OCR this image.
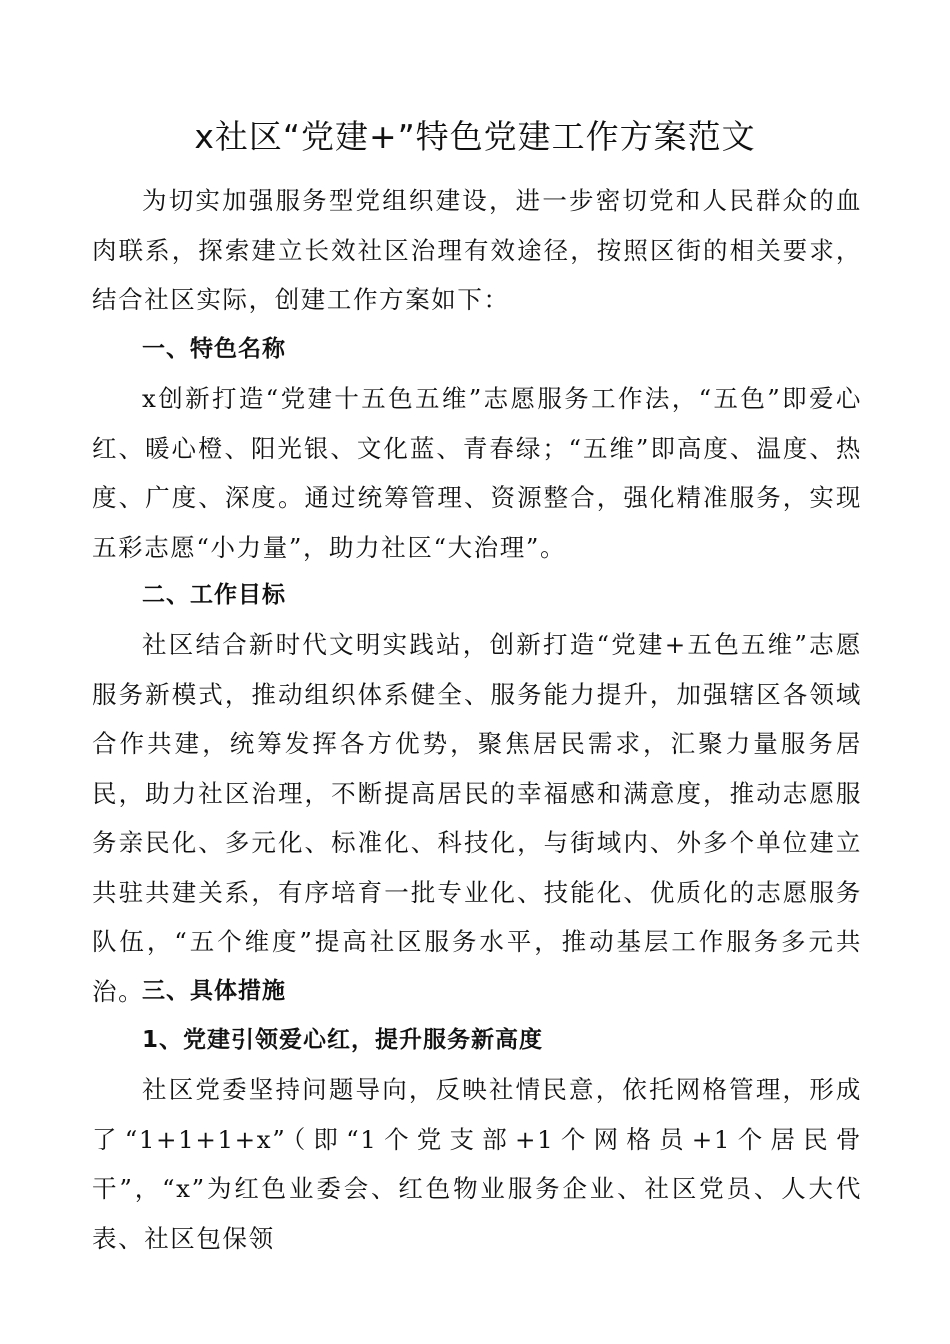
x社区“党建+”特色党建工作方案范文

为切实加强服务型党组织建设，进一步密切党和人民群众的血肉联系，探索建立长效社区治理有效途径，按照区街的相关要求，结合社区实际，创建工作方案如下：

一、特色名称

x创新打造“党建十五色五维”志愿服务工作法，“五色”即爱心红、暖心橙、阳光银、文化蓝、青春绿；“五维”即高度、温度、热度、广度、深度。通过统筹管理、资源整合，强化精准服务，实现五彩志愿“小力量”，助力社区“大治理”。

二、工作目标

社区结合新时代文明实践站，创新打造“党建+五色五维”志愿服务新模式，推动组织体系健全、服务能力提升，加强辖区各领域合作共建，统筹发挥各方优势，聚焦居民需求，汇聚力量服务居民，助力社区治理，不断提高居民的幸福感和满意度，推动志愿服务亲民化、多元化、标准化、科技化，与街域内、外多个单位建立共驻共建关系，有序培育一批专业化、技能化、优质化的志愿服务队伍，“五个维度”提高社区服务水平，推动基层工作服务多元共治。

三、具体措施
1、党建引领爱心红，提升服务新高度

社区党委坚持问题导向，反映社情民意，依托网格管理，形成了“1+1+1+x”（即“1个党支部+1个网格员+1个居民骨干”，“x”为红色业委会、红色物业服务企业、社区党员、人大代表、社区包保领
